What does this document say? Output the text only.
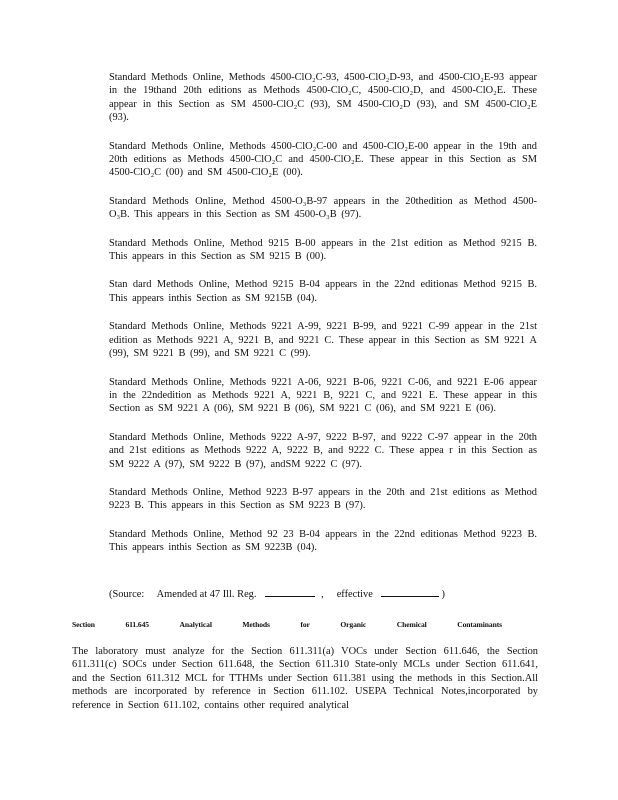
Standard Methods Online, Methods 4500-ClO₂C-93, 4500-ClO₂D-93, and 4500-ClO₂E-93 appear in the 19thand 20th editions as Methods 4500-ClO₂C, 4500-ClO₂D, and 4500-ClO₂E. These appear in this Section as SM 4500-ClO₂C (93), SM 4500-ClO₂D (93), and SM 4500-ClO₂E (93).

Standard Methods Online, Methods 4500-ClO₂C-00 and 4500-ClO₂E-00 appear in the 19th and 20th editions as Methods 4500-ClO₂C and 4500-ClO₂E. These appear in this Section as SM 4500-ClO₂C (00) and SM 4500-ClO₂E (00).

Standard Methods Online, Method 4500-O₃B-97 appears in the 20thedition as Method 4500-O₃B. This appears in this Section as SM 4500-O₃B (97).

Standard Methods Online, Method 9215 B-00 appears in the 21st edition as Method 9215 B. This appears in this Section as SM 9215 B (00).

Stan dard Methods Online, Method 9215 B-04 appears in the 22nd editionas Method 9215 B. This appears inthis Section as SM 9215B (04).

Standard Methods Online, Methods 9221 A-99, 9221 B-99, and 9221 C-99 appear in the 21st edition as Methods 9221 A, 9221 B, and 9221 C. These appear in this Section as SM 9221 A (99), SM 9221 B (99), and SM 9221 C (99).

Standard Methods Online, Methods 9221 A-06, 9221 B-06, 9221 C-06, and 9221 E-06 appear in the 22ndedition as Methods 9221 A, 9221 B, 9221 C, and 9221 E. These appear in this Section as SM 9221 A (06), SM 9221 B (06), SM 9221 C (06), and SM 9221 E (06).

Standard Methods Online, Methods 9222 A-97, 9222 B-97, and 9222 C-97 appear in the 20th and 21st editions as Methods 9222 A, 9222 B, and 9222 C. These appea r in this Section as SM 9222 A (97), SM 9222 B (97), andSM 9222 C (97).

Standard Methods Online, Method 9223 B-97 appears in the 20th and 21st editions as Method 9223 B. This appears in this Section as SM 9223 B (97).

Standard Methods Online, Method 92 23 B-04 appears in the 22nd editionas Method 9223 B. This appears inthis Section as SM 9223B (04).

(Source: Amended at 47 Ill. Reg.	, effective	)
Section	611.645	Analytical	Methods	for	Organic	Chemical	Contaminants

The laboratory must analyze for the Section 611.311(a) VOCs under Section 611.646, the Section 611.311(c) SOCs under Section 611.648, the Section 611.310 State-only MCLs under Section 611.641, and the Section 611.312 MCL for TTHMs under Section 611.381 using the methods in this Section.All methods are incorporated by reference in Section 611.102. USEPA Technical Notes,incorporated by reference in Section 611.102, contains other required analytical
